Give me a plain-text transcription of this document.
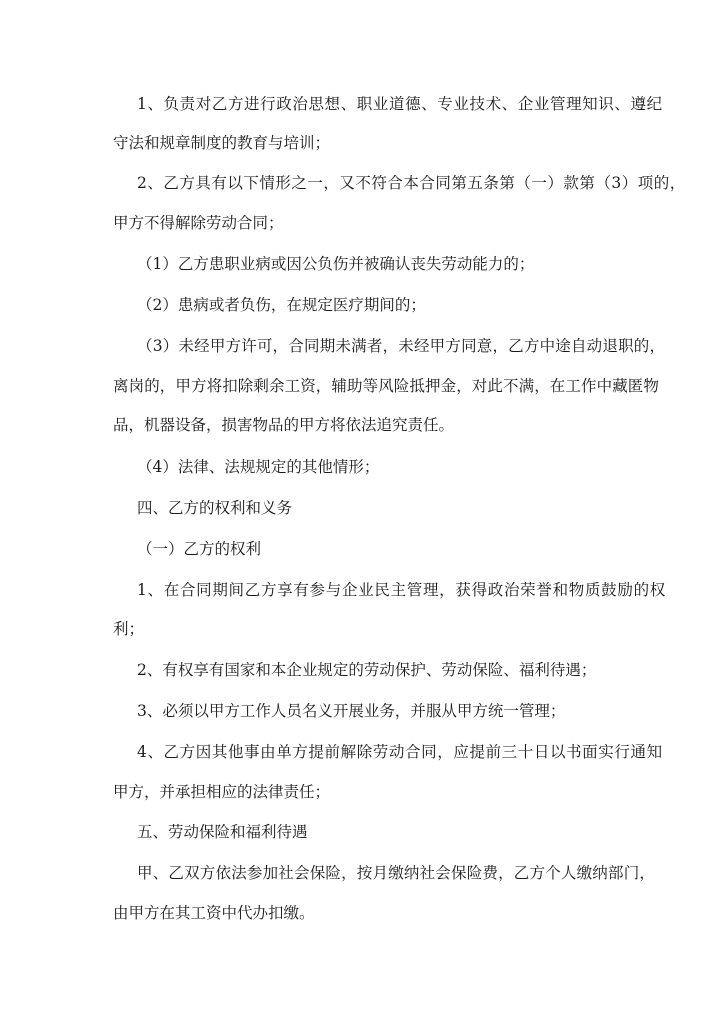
1、负责对乙方进行政治思想、职业道德、专业技术、企业管理知识、遵纪
守法和规章制度的教育与培训；
2、乙方具有以下情形之一，又不符合本合同第五条第（一）款第（3）项的，
甲方不得解除劳动合同；
（1）乙方患职业病或因公负伤并被确认丧失劳动能力的；
（2）患病或者负伤，在规定医疗期间的；
（3）未经甲方许可，合同期未满者，未经甲方同意，乙方中途自动退职的，
离岗的，甲方将扣除剩余工资，辅助等风险抵押金，对此不满，在工作中藏匿物
品，机器设备，损害物品的甲方将依法追究责任。
（4）法律、法规规定的其他情形；
四、乙方的权利和义务
（一）乙方的权利
1、在合同期间乙方享有参与企业民主管理，获得政治荣誉和物质鼓励的权
利；
2、有权享有国家和本企业规定的劳动保护、劳动保险、福利待遇；
3、必须以甲方工作人员名义开展业务，并服从甲方统一管理；
4、乙方因其他事由单方提前解除劳动合同，应提前三十日以书面实行通知
甲方，并承担相应的法律责任；
五、劳动保险和福利待遇
甲、乙双方依法参加社会保险，按月缴纳社会保险费，乙方个人缴纳部门，
由甲方在其工资中代办扣缴。
